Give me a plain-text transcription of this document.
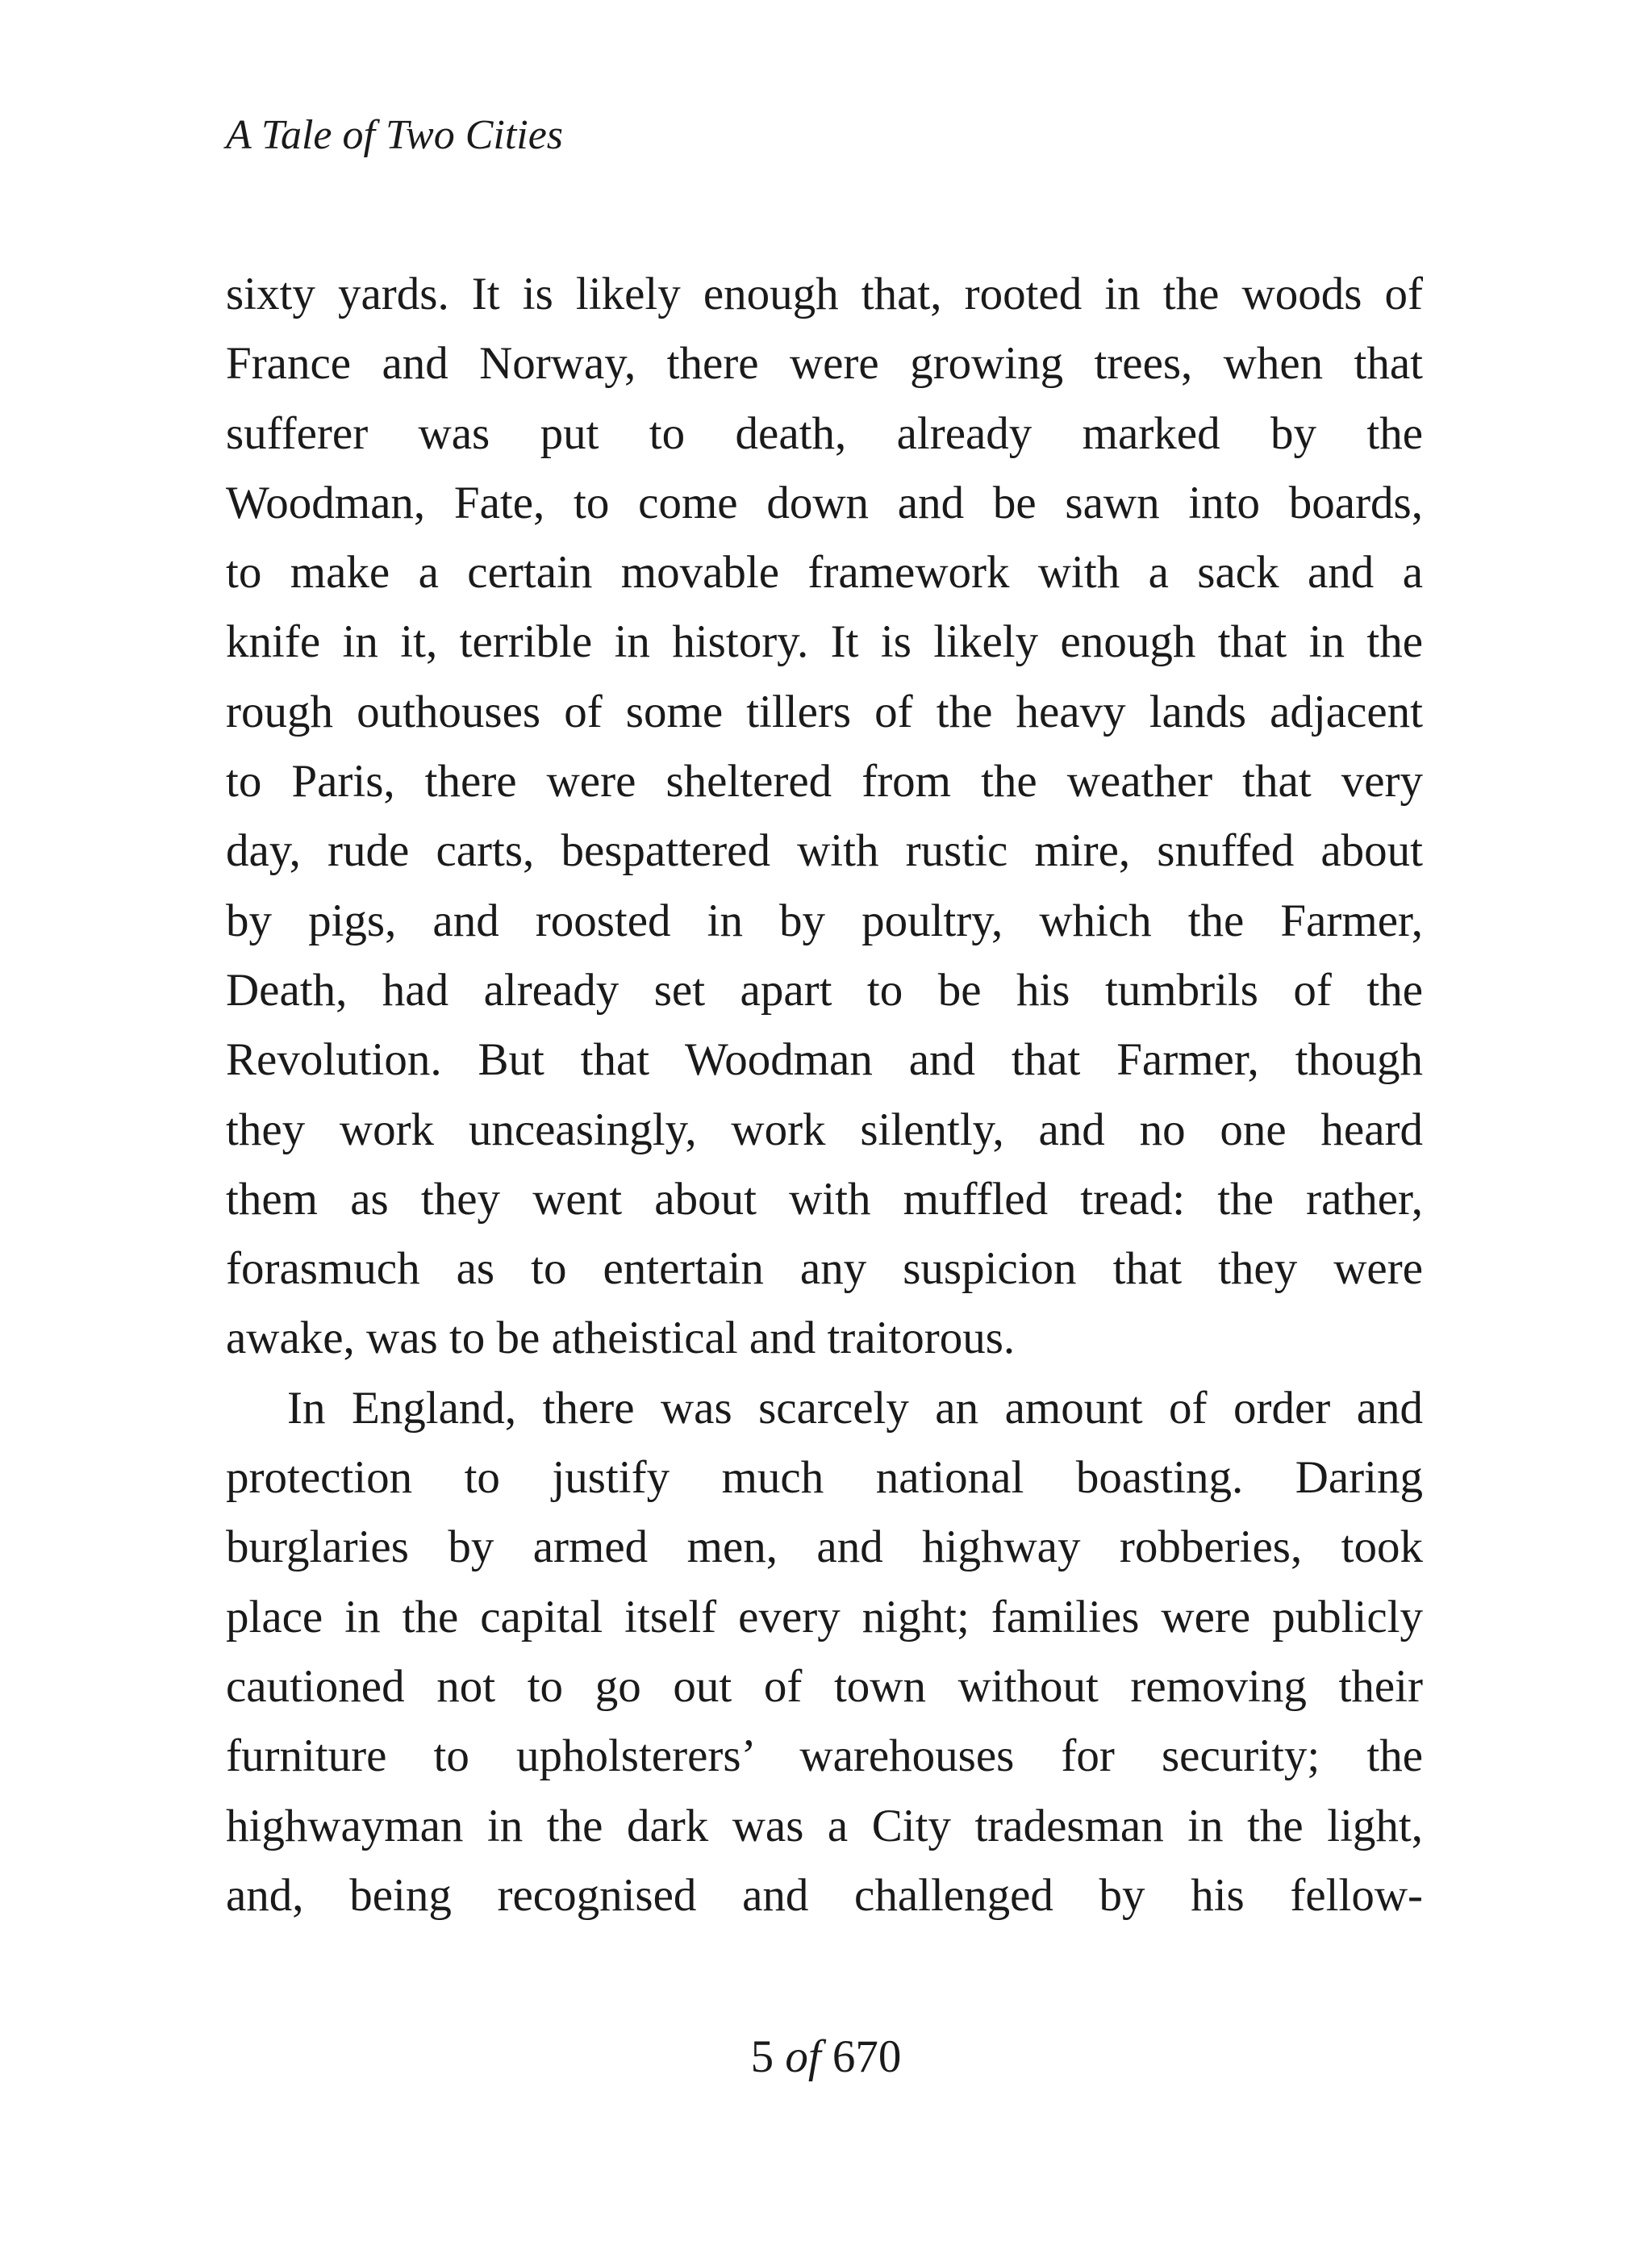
A Tale of Two Cities
sixty yards. It is likely enough that, rooted in the woods of
France and Norway, there were growing trees, when that
sufferer was put to death, already marked by the
Woodman, Fate, to come down and be sawn into boards,
to make a certain movable framework with a sack and a
knife in it, terrible in history. It is likely enough that in the
rough outhouses of some tillers of the heavy lands adjacent
to Paris, there were sheltered from the weather that very
day, rude carts, bespattered with rustic mire, snuffed about
by pigs, and roosted in by poultry, which the Farmer,
Death, had already set apart to be his tumbrils of the
Revolution. But that Woodman and that Farmer, though
they work unceasingly, work silently, and no one heard
them as they went about with muffled tread: the rather,
forasmuch as to entertain any suspicion that they were
awake, was to be atheistical and traitorous.
In England, there was scarcely an amount of order and
protection to justify much national boasting. Daring
burglaries by armed men, and highway robberies, took
place in the capital itself every night; families were publicly
cautioned not to go out of town without removing their
furniture to upholsterers’ warehouses for security; the
highwayman in the dark was a City tradesman in the light,
and, being recognised and challenged by his fellow-
5 of 670
